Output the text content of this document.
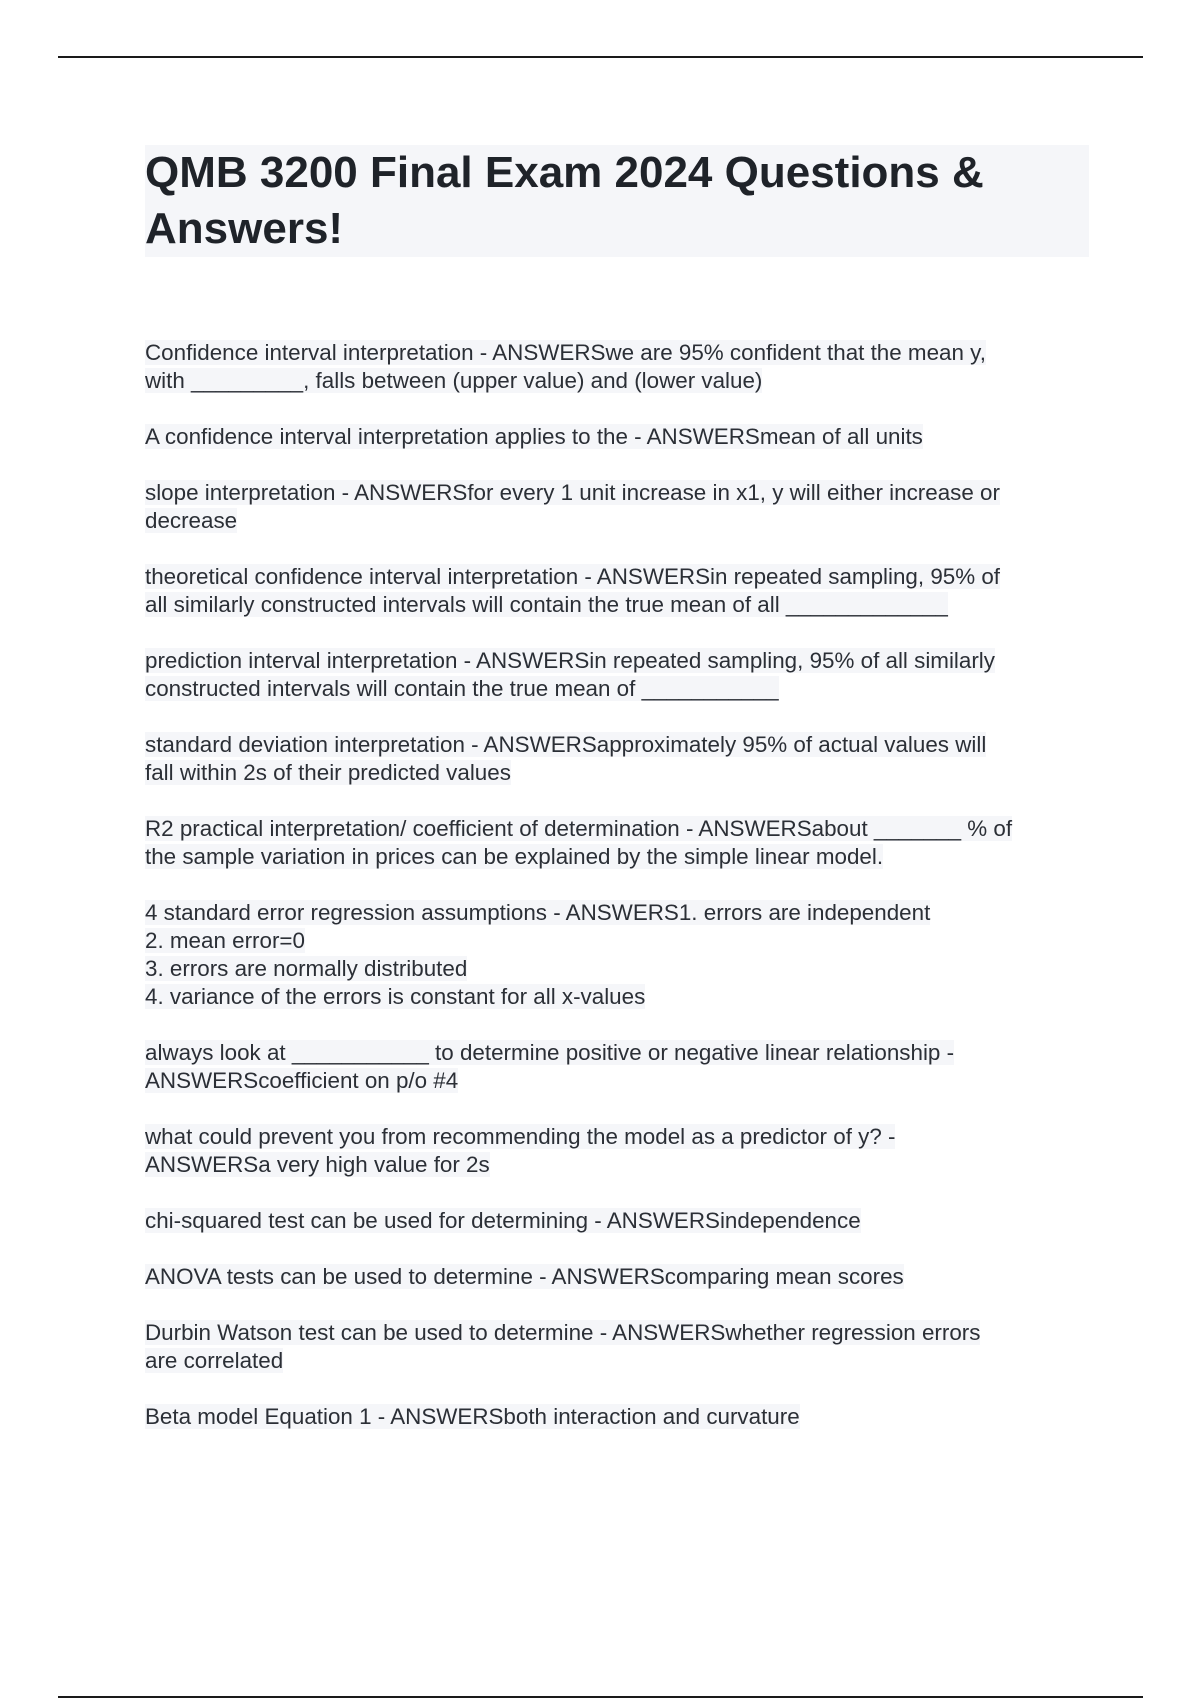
QMB 3200 Final Exam 2024 Questions & Answers!

Confidence interval interpretation - ANSWERSwe are 95% confident that the mean y,
with _________, falls between (upper value) and (lower value)

A confidence interval interpretation applies to the - ANSWERSmean of all units

slope interpretation - ANSWERSfor every 1 unit increase in x1, y will either increase or
decrease

theoretical confidence interval interpretation - ANSWERSin repeated sampling, 95% of
all similarly constructed intervals will contain the true mean of all _____________

prediction interval interpretation - ANSWERSin repeated sampling, 95% of all similarly
constructed intervals will contain the true mean of ___________

standard deviation interpretation - ANSWERSapproximately 95% of actual values will
fall within 2s of their predicted values

R2 practical interpretation/ coefficient of determination - ANSWERSabout _______ % of
the sample variation in prices can be explained by the simple linear model.

4 standard error regression assumptions - ANSWERS1. errors are independent
2. mean error=0
3. errors are normally distributed
4. variance of the errors is constant for all x-values

always look at ___________ to determine positive or negative linear relationship -
ANSWERScoefficient on p/o #4

what could prevent you from recommending the model as a predictor of y? -
ANSWERSa very high value for 2s

chi-squared test can be used for determining - ANSWERSindependence

ANOVA tests can be used to determine - ANSWERScomparing mean scores

Durbin Watson test can be used to determine - ANSWERSwhether regression errors
are correlated

Beta model Equation 1 - ANSWERSboth interaction and curvature
